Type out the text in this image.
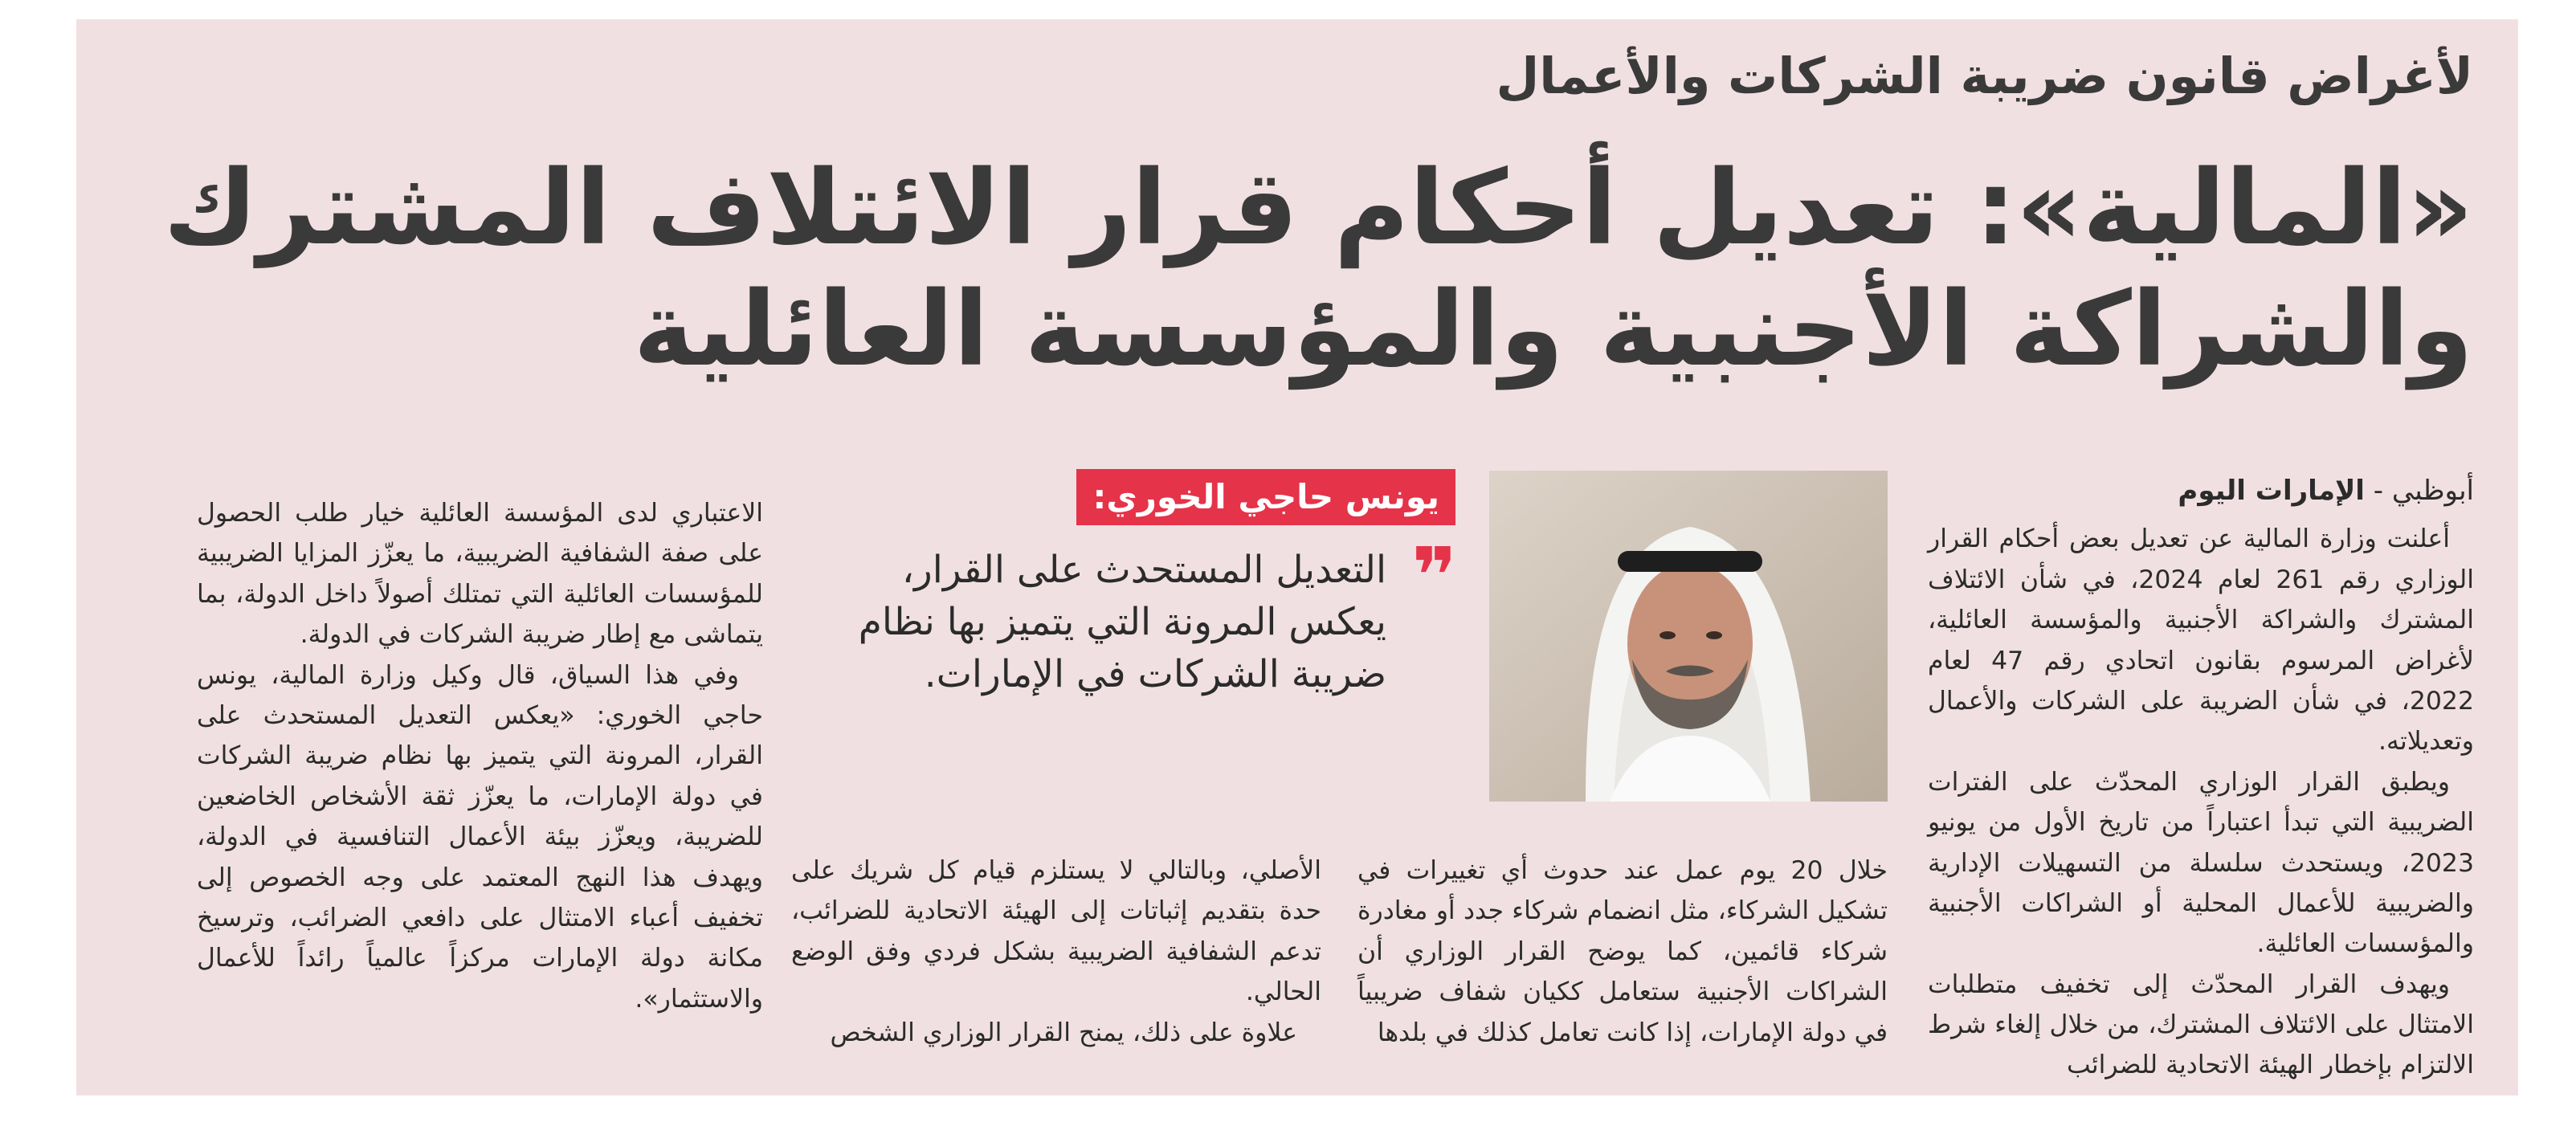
لأغراض قانون ضريبة الشركات والأعمال
«المالية»: تعديل أحكام قرار الائتلاف المشترك
والشراكة الأجنبية والمؤسسة العائلية
أبوظبي - الإمارات اليوم

أعلنت وزارة المالية عن تعديل بعض أحكام القرار الوزاري رقم 261 لعام 2024، في شأن الائتلاف المشترك والشراكة الأجنبية والمؤسسة العائلية، لأغراض المرسوم بقانون اتحادي رقم 47 لعام 2022، في شأن الضريبة على الشركات والأعمال وتعديلاته.

ويطبق القرار الوزاري المحدّث على الفترات الضريبية التي تبدأ اعتباراً من تاريخ الأول من يونيو 2023، ويستحدث سلسلة من التسهيلات الإدارية والضريبية للأعمال المحلية أو الشراكات الأجنبية والمؤسسات العائلية.

ويهدف القرار المحدّث إلى تخفيف متطلبات الامتثال على الائتلاف المشترك، من خلال إلغاء شرط الالتزام بإخطار الهيئة الاتحادية للضرائب

يونس حاجي الخوري:
❞
التعديل المستحدث على القرار،
يعكس المرونة التي يتميز بها نظام
ضريبة الشركات في الإمارات.

خلال 20 يوم عمل عند حدوث أي تغييرات في تشكيل الشركاء، مثل انضمام شركاء جدد أو مغادرة شركاء قائمين، كما يوضح القرار الوزاري أن الشراكات الأجنبية ستعامل ككيان شفاف ضريبياً في دولة الإمارات، إذا كانت تعامل كذلك في بلدها

الأصلي، وبالتالي لا يستلزم قيام كل شريك على حدة بتقديم إثباتات إلى الهيئة الاتحادية للضرائب، تدعم الشفافية الضريبية بشكل فردي وفق الوضع الحالي.

علاوة على ذلك، يمنح القرار الوزاري الشخص

الاعتباري لدى المؤسسة العائلية خيار طلب الحصول على صفة الشفافية الضريبية، ما يعزّز المزايا الضريبية للمؤسسات العائلية التي تمتلك أصولاً داخل الدولة، بما يتماشى مع إطار ضريبة الشركات في الدولة.

وفي هذا السياق، قال وكيل وزارة المالية، يونس حاجي الخوري: «يعكس التعديل المستحدث على القرار، المرونة التي يتميز بها نظام ضريبة الشركات في دولة الإمارات، ما يعزّز ثقة الأشخاص الخاضعين للضريبة، ويعزّز بيئة الأعمال التنافسية في الدولة، ويهدف هذا النهج المعتمد على وجه الخصوص إلى تخفيف أعباء الامتثال على دافعي الضرائب، وترسيخ مكانة دولة الإمارات مركزاً عالمياً رائداً للأعمال والاستثمار».
